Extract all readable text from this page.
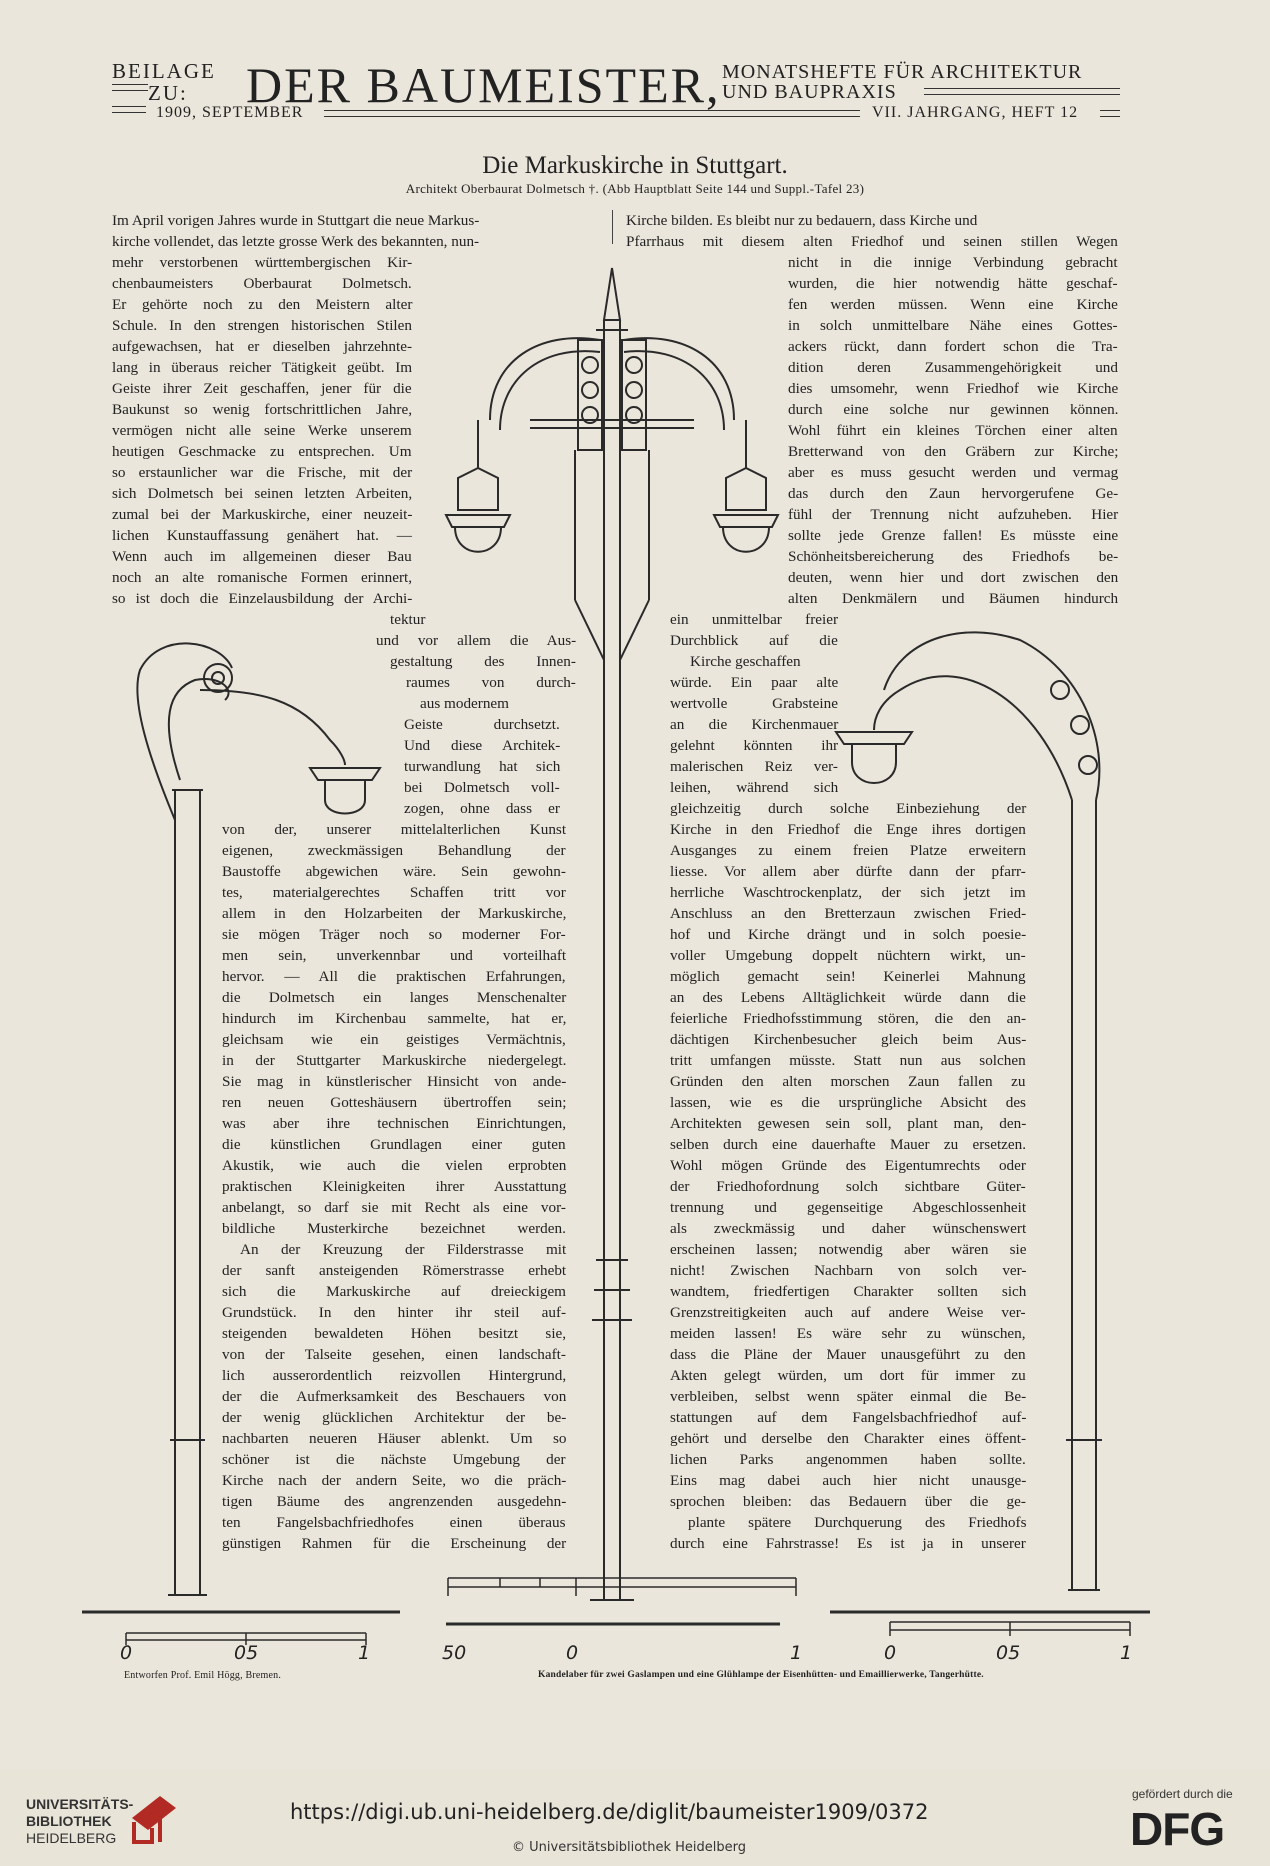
BEILAGE
ZU: DER BAUMEISTER, MONATSHEFTE FÜR ARCHITEKTUR
UND BAUPRAXIS
1909, SEPTEMBER	VII. JAHRGANG, HEFT 12
Die Markuskirche in Stuttgart.
Architekt Oberbaurat Dolmetsch †. (Abb Hauptblatt Seite 144 und Suppl.-Tafel 23)
Im April vorigen Jahres wurde in Stuttgart die neue Markus-
kirche vollendet, das letzte grosse Werk des bekannten, nun-
mehr verstorbenen württembergischen Kir-
chenbaumeisters Oberbaurat Dolmetsch.
Er gehörte noch zu den Meistern alter
Schule. In den strengen historischen Stilen
aufgewachsen, hat er dieselben jahrzehnte-
lang in überaus reicher Tätigkeit geübt. Im
Geiste ihrer Zeit geschaffen, jener für die
Baukunst so wenig fortschrittlichen Jahre,
vermögen nicht alle seine Werke unserem
heutigen Geschmacke zu entsprechen. Um
so erstaunlicher war die Frische, mit der
sich Dolmetsch bei seinen letzten Arbeiten,
zumal bei der Markuskirche, einer neuzeit-
lichen Kunstauffassung genähert hat. —
Wenn auch im allgemeinen dieser Bau
noch an alte romanische Formen erinnert,
so ist doch die Einzelausbildung der Archi-
tektur
und vor allem die Aus-
gestaltung des Innen-
raumes von durch-
aus modernem
Geiste durchsetzt.
Und diese Architek-
turwandlung hat sich
bei Dolmetsch voll-
zogen, ohne dass er
von der, unserer mittelalterlichen Kunst
eigenen, zweckmässigen Behandlung der
Baustoffe abgewichen wäre. Sein gewohn-
tes, materialgerechtes Schaffen tritt vor
allem in den Holzarbeiten der Markuskirche,
sie mögen Träger noch so moderner For-
men sein, unverkennbar und vorteilhaft
hervor. — All die praktischen Erfahrungen,
die Dolmetsch ein langes Menschenalter
hindurch im Kirchenbau sammelte, hat er,
gleichsam wie ein geistiges Vermächtnis,
in der Stuttgarter Markuskirche niedergelegt.
Sie mag in künstlerischer Hinsicht von ande-
ren neuen Gotteshäusern übertroffen sein;
was aber ihre technischen Einrichtungen,
die künstlichen Grundlagen einer guten
Akustik, wie auch die vielen erprobten
praktischen Kleinigkeiten ihrer Ausstattung
anbelangt, so darf sie mit Recht als eine vor-
bildliche Musterkirche bezeichnet werden.
An der Kreuzung der Filderstrasse mit
der sanft ansteigenden Römerstrasse erhebt
sich die Markuskirche auf dreieckigem
Grundstück. In den hinter ihr steil auf-
steigenden bewaldeten Höhen besitzt sie,
von der Talseite gesehen, einen landschaft-
lich ausserordentlich reizvollen Hintergrund,
der die Aufmerksamkeit des Beschauers von
der wenig glücklichen Architektur der be-
nachbarten neueren Häuser ablenkt. Um so
schöner ist die nächste Umgebung der
Kirche nach der andern Seite, wo die präch-
tigen Bäume des angrenzenden ausgedehn-
ten Fangelsbachfriedhofes einen überaus
günstigen Rahmen für die Erscheinung der
Kirche bilden. Es bleibt nur zu bedauern, dass Kirche und
Pfarrhaus mit diesem alten Friedhof und seinen stillen Wegen
nicht in die innige Verbindung gebracht
wurden, die hier notwendig hätte geschaf-
fen werden müssen. Wenn eine Kirche
in solch unmittelbare Nähe eines Gottes-
ackers rückt, dann fordert schon die Tra-
dition deren Zusammengehörigkeit und
dies umsomehr, wenn Friedhof wie Kirche
durch eine solche nur gewinnen können.
Wohl führt ein kleines Törchen einer alten
Bretterwand von den Gräbern zur Kirche;
aber es muss gesucht werden und vermag
das durch den Zaun hervorgerufene Ge-
fühl der Trennung nicht aufzuheben. Hier
sollte jede Grenze fallen! Es müsste eine
Schönheitsbereicherung des Friedhofs be-
deuten, wenn hier und dort zwischen den
alten Denkmälern und Bäumen hindurch
ein unmittelbar freier
Durchblick auf die
Kirche geschaffen
würde. Ein paar alte
wertvolle Grabsteine
an die Kirchenmauer
gelehnt könnten ihr
malerischen Reiz ver-
leihen, während sich
gleichzeitig durch solche Einbeziehung der
Kirche in den Friedhof die Enge ihres dortigen
Ausganges zu einem freien Platze erweitern
liesse. Vor allem aber dürfte dann der pfarr-
herrliche Waschtrockenplatz, der sich jetzt im
Anschluss an den Bretterzaun zwischen Fried-
hof und Kirche drängt und in solch poesie-
voller Umgebung doppelt nüchtern wirkt, un-
möglich gemacht sein! Keinerlei Mahnung
an des Lebens Alltäglichkeit würde dann die
feierliche Friedhofsstimmung stören, die den an-
dächtigen Kirchenbesucher gleich beim Aus-
tritt umfangen müsste. Statt nun aus solchen
Gründen den alten morschen Zaun fallen zu
lassen, wie es die ursprüngliche Absicht des
Architekten gewesen sein soll, plant man, den-
selben durch eine dauerhafte Mauer zu ersetzen.
Wohl mögen Gründe des Eigentumrechts oder
der Friedhofordnung solch sichtbare Güter-
trennung und gegenseitige Abgeschlossenheit
als zweckmässig und daher wünschenswert
erscheinen lassen; notwendig aber wären sie
nicht! Zwischen Nachbarn von solch ver-
wandtem, friedfertigen Charakter sollten sich
Grenzstreitigkeiten auch auf andere Weise ver-
meiden lassen! Es wäre sehr zu wünschen,
dass die Pläne der Mauer unausgeführt zu den
Akten gelegt würden, um dort für immer zu
verbleiben, selbst wenn später einmal die Be-
stattungen auf dem Fangelsbachfriedhof auf-
gehört und derselbe den Charakter eines öffent-
lichen Parks angenommen haben sollte.
Eins mag dabei auch hier nicht unausge-
sprochen bleiben: das Bedauern über die ge-
plante spätere Durchquerung des Friedhofs
durch eine Fahrstrasse! Es ist ja in unserer
0	05	1	50	0	1	0	05	1
Entworfen Prof. Emil Högg, Bremen.	Kandelaber für zwei Gaslampen und eine Glühlampe der Eisenhütten- und Emaillierwerke, Tangerhütte.
UNIVERSITÄTS-
BIBLIOTHEK
HEIDELBERG
https://digi.ub.uni-heidelberg.de/diglit/baumeister1909/0372
© Universitätsbibliothek Heidelberg
gefördert durch die
DFG
